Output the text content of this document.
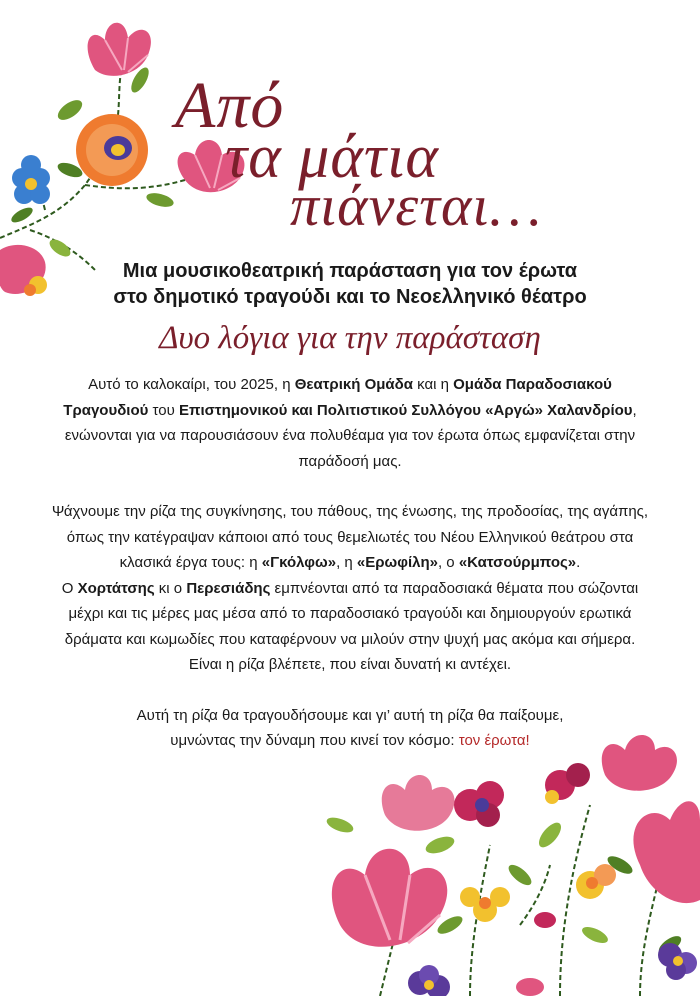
Από
τα μάτια
πιάνεται…
Μια μουσικοθεατρική παράσταση για τον έρωτα
στο δημοτικό τραγούδι και το Νεοελληνικό θέατρο
Δυο λόγια για την παράσταση

Αυτό το καλοκαίρι, του 2025, η Θεατρική Ομάδα και η Ομάδα Παραδοσιακού Τραγουδιού του Επιστημονικού και Πολιτιστικού Συλλόγου «Αργώ» Χαλανδρίου, ενώνονται για να παρουσιάσουν ένα πολυθέαμα για τον έρωτα όπως εμφανίζεται στην παράδοσή μας.

Ψάχνουμε την ρίζα της συγκίνησης, του πάθους, της ένωσης, της προδοσίας, της αγάπης, όπως την κατέγραψαν κάποιοι από τους θεμελιωτές του Νέου Ελληνικού θεάτρου στα κλασικά έργα τους: η «Γκόλφω», η «Ερωφίλη», ο «Κατσούρμπος».

Ο Χορτάτσης κι ο Περεσιάδης εμπνέονται από τα παραδοσιακά θέματα που σώζονται μέχρι και τις μέρες μας μέσα από το παραδοσιακό τραγούδι και δημιουργούν ερωτικά δράματα και κωμωδίες που καταφέρνουν να μιλούν στην ψυχή μας ακόμα και σήμερα. Είναι η ρίζα βλέπετε, που είναι δυνατή κι αντέχει.

Αυτή τη ρίζα θα τραγουδήσουμε και γι’ αυτή τη ρίζα θα παίξουμε,
υμνώντας την δύναμη που κινεί τον κόσμο: τον έρωτα!
